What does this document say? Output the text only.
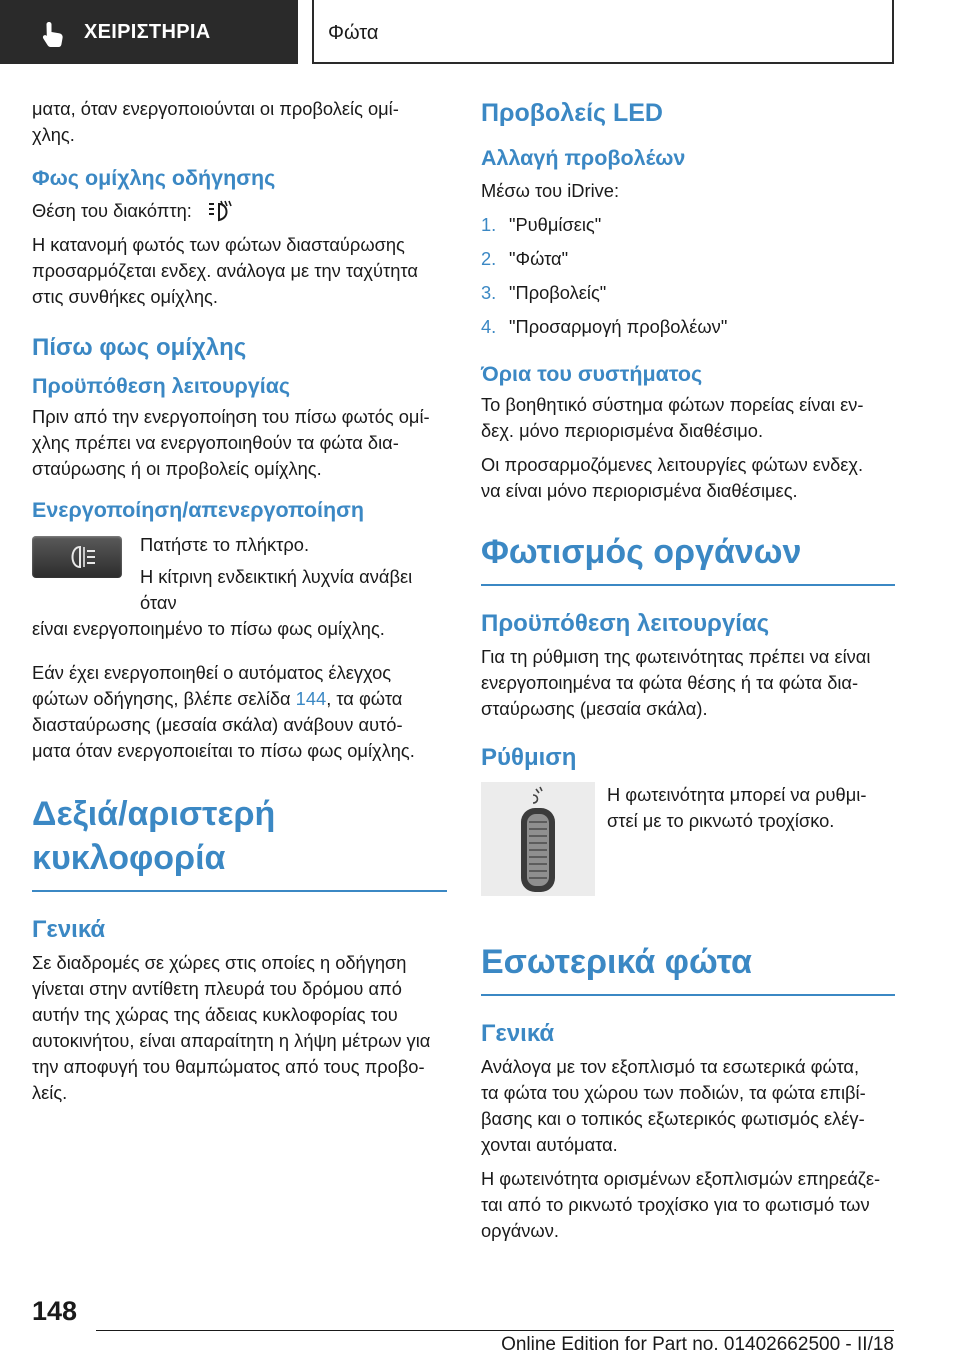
ΧΕΙΡΙΣΤΗΡΙΑ	Φώτα

ματα, όταν ενεργοποιούνται οι προβολείς ομί-

χλης.

Φως ομίχλης οδήγησης

Θέση του διακόπτη:

Η κατανομή φωτός των φώτων διασταύρωσης

προσαρμόζεται ενδεχ. ανάλογα με την ταχύτητα

στις συνθήκες ομίχλης.

Πίσω φως ομίχλης
Προϋπόθεση λειτουργίας

Πριν από την ενεργοποίηση του πίσω φωτός ομί-

χλης πρέπει να ενεργοποιηθούν τα φώτα δια-

σταύρωσης ή οι προβολείς ομίχλης.

Ενεργοποίηση/απενεργοποίηση

Πατήστε το πλήκτρο.

Η κίτρινη ενδεικτική λυχνία ανάβει όταν

είναι ενεργοποιημένο το πίσω φως ομίχλης.

Εάν έχει ενεργοποιηθεί ο αυτόματος έλεγχος

φώτων οδήγησης, βλέπε σελίδα 144, τα φώτα

διασταύρωσης (μεσαία σκάλα) ανάβουν αυτό-

ματα όταν ενεργοποιείται το πίσω φως ομίχλης.

Δεξιά/αριστερή
κυκλοφορία
Γενικά

Σε διαδρομές σε χώρες στις οποίες η οδήγηση

γίνεται στην αντίθετη πλευρά του δρόμου από

αυτήν της χώρας της άδειας κυκλοφορίας του

αυτοκινήτου, είναι απαραίτητη η λήψη μέτρων για

την αποφυγή του θαμπώματος από τους προβο-

λείς.

Προβολείς LED
Αλλαγή προβολέων

Μέσω του iDrive:

1. "Ρυθμίσεις"
2. "Φώτα"
3. "Προβολείς"
4. "Προσαρμογή προβολέων"
Όρια του συστήματος

Το βοηθητικό σύστημα φώτων πορείας είναι εν-

δεχ. μόνο περιορισμένα διαθέσιμο.

Οι προσαρμοζόμενες λειτουργίες φώτων ενδεχ.

να είναι μόνο περιορισμένα διαθέσιμες.

Φωτισμός οργάνων
Προϋπόθεση λειτουργίας

Για τη ρύθμιση της φωτεινότητας πρέπει να είναι

ενεργοποιημένα τα φώτα θέσης ή τα φώτα δια-

σταύρωσης (μεσαία σκάλα).

Ρύθμιση

Η φωτεινότητα μπορεί να ρυθμι-

στεί με το ρικνωτό τροχίσκο.

Εσωτερικά φώτα
Γενικά

Ανάλογα με τον εξοπλισμό τα εσωτερικά φώτα,

τα φώτα του χώρου των ποδιών, τα φώτα επιβί-

βασης και ο τοπικός εξωτερικός φωτισμός ελέγ-

χονται αυτόματα.

Η φωτεινότητα ορισμένων εξοπλισμών επηρεάζε-

ται από το ρικνωτό τροχίσκο για το φωτισμό των

οργάνων.

148
Online Edition for Part no. 01402662500 - II/18
